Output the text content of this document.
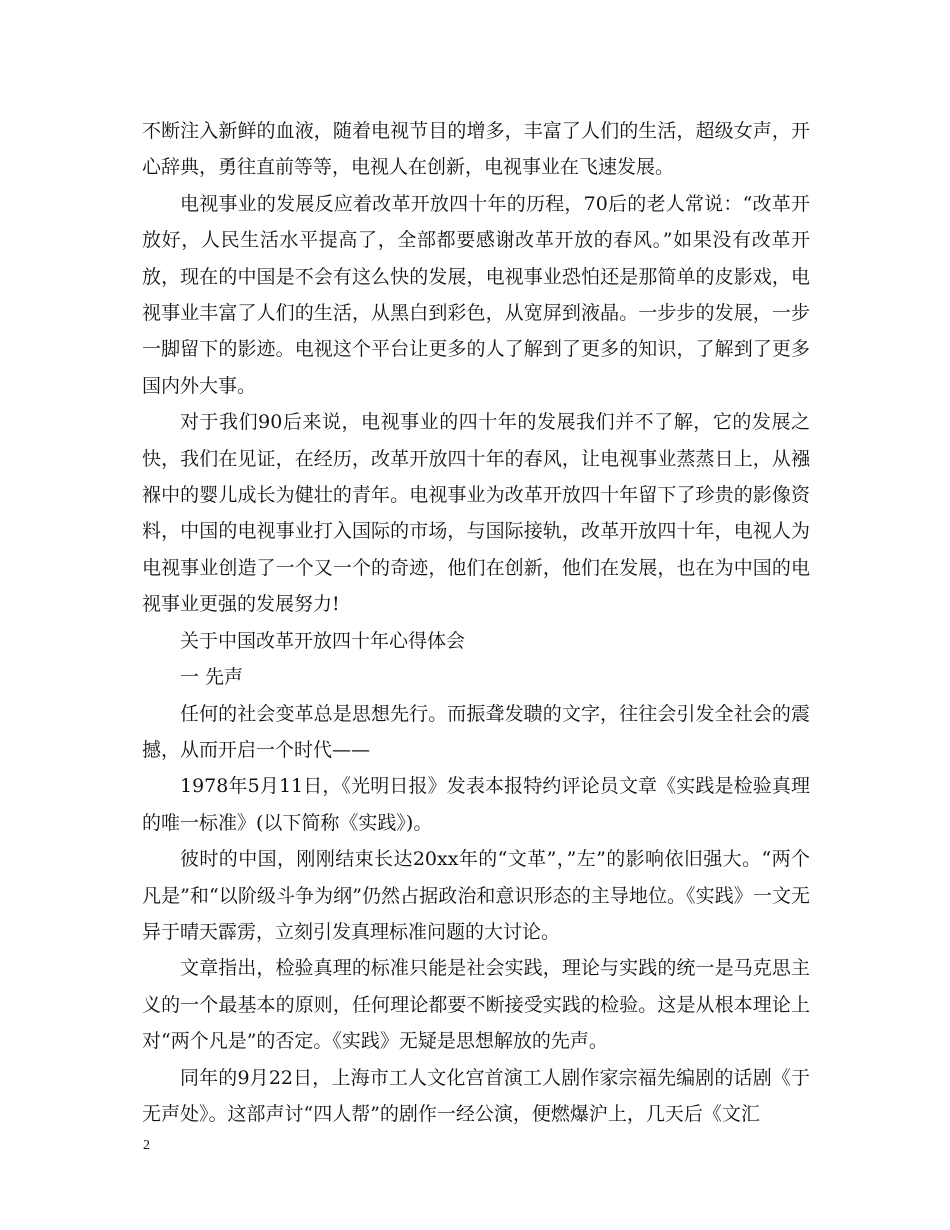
不断注入新鲜的血液，随着电视节目的增多，丰富了人们的生活，超级女声，开心辞典，勇往直前等等，电视人在创新，电视事业在飞速发展。

电视事业的发展反应着改革开放四十年的历程，70后的老人常说：“改革开放好，人民生活水平提高了，全部都要感谢改革开放的春风。”如果没有改革开放，现在的中国是不会有这么快的发展，电视事业恐怕还是那简单的皮影戏，电视事业丰富了人们的生活，从黑白到彩色，从宽屏到液晶。一步步的发展，一步一脚留下的影迹。电视这个平台让更多的人了解到了更多的知识，了解到了更多国内外大事。

对于我们90后来说，电视事业的四十年的发展我们并不了解，它的发展之快，我们在见证，在经历，改革开放四十年的春风，让电视事业蒸蒸日上，从襁褓中的婴儿成长为健壮的青年。电视事业为改革开放四十年留下了珍贵的影像资料，中国的电视事业打入国际的市场，与国际接轨，改革开放四十年，电视人为电视事业创造了一个又一个的奇迹，他们在创新，他们在发展，也在为中国的电视事业更强的发展努力!

关于中国改革开放四十年心得体会

一 先声

任何的社会变革总是思想先行。而振聋发聩的文字，往往会引发全社会的震撼，从而开启一个时代——

1978年5月11日，《光明日报》发表本报特约评论员文章《实践是检验真理的唯一标准》(以下简称《实践》)。

彼时的中国，刚刚结束长达20xx年的“文革”，”左”的影响依旧强大。“两个凡是”和“以阶级斗争为纲”仍然占据政治和意识形态的主导地位。《实践》一文无异于晴天霹雳，立刻引发真理标准问题的大讨论。

文章指出，检验真理的标准只能是社会实践，理论与实践的统一是马克思主义的一个最基本的原则，任何理论都要不断接受实践的检验。这是从根本理论上对“两个凡是”的否定。《实践》无疑是思想解放的先声。

同年的9月22日，上海市工人文化宫首演工人剧作家宗福先编剧的话剧《于无声处》。这部声讨“四人帮”的剧作一经公演，便燃爆沪上，几天后《文汇

2
